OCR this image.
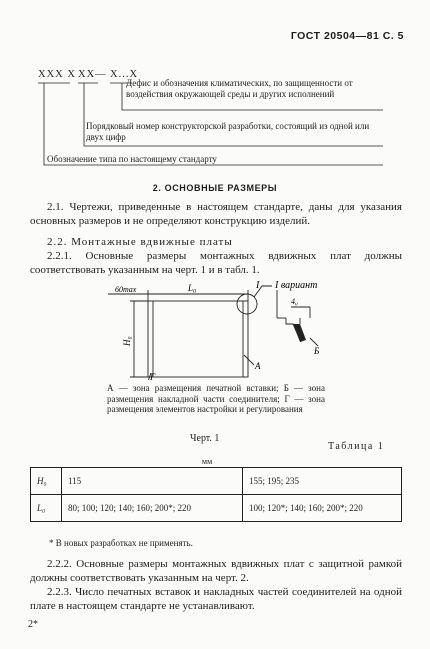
ГОСТ 20504—81 С. 5
XXX X XX— X...X
Дефис и обозначения климатических, по защищенности от воздействия окружающей среды и других исполнений
Порядковый номер конструкторской разработки, состоящий из одной или двух цифр
Обозначение типа по настоящему стандарту
2. ОСНОВНЫЕ РАЗМЕРЫ
2.1. Чертежи, приведенные в настоящем стандарте, даны для указания основных размеров и не определяют конструкцию изделий.
2.2. Монтажные вдвижные платы
2.2.1. Основные размеры монтажных вдвижных плат должны соответствовать указанным на черт. 1 и в табл. 1.
60max	L₀
H₀
I I вариант
4₀
А
Б
Г
А — зона размещения печатной вставки; Б — зона размещения накладной части соединителя; Г — зона размещения элементов настройки и регулирования
Черт. 1
Таблица 1
мм
H₀	115	155; 195; 235
L₀	80; 100; 120; 140; 160; 200*; 220	100; 120*; 140; 160; 200*; 220
* В новых разработках не применять.
2.2.2. Основные размеры монтажных вдвижных плат с защитной рамкой должны соответствовать указанным на черт. 2.
2.2.3. Число печатных вставок и накладных частей соединителей на одной плате в настоящем стандарте не устанавливают.
2*
